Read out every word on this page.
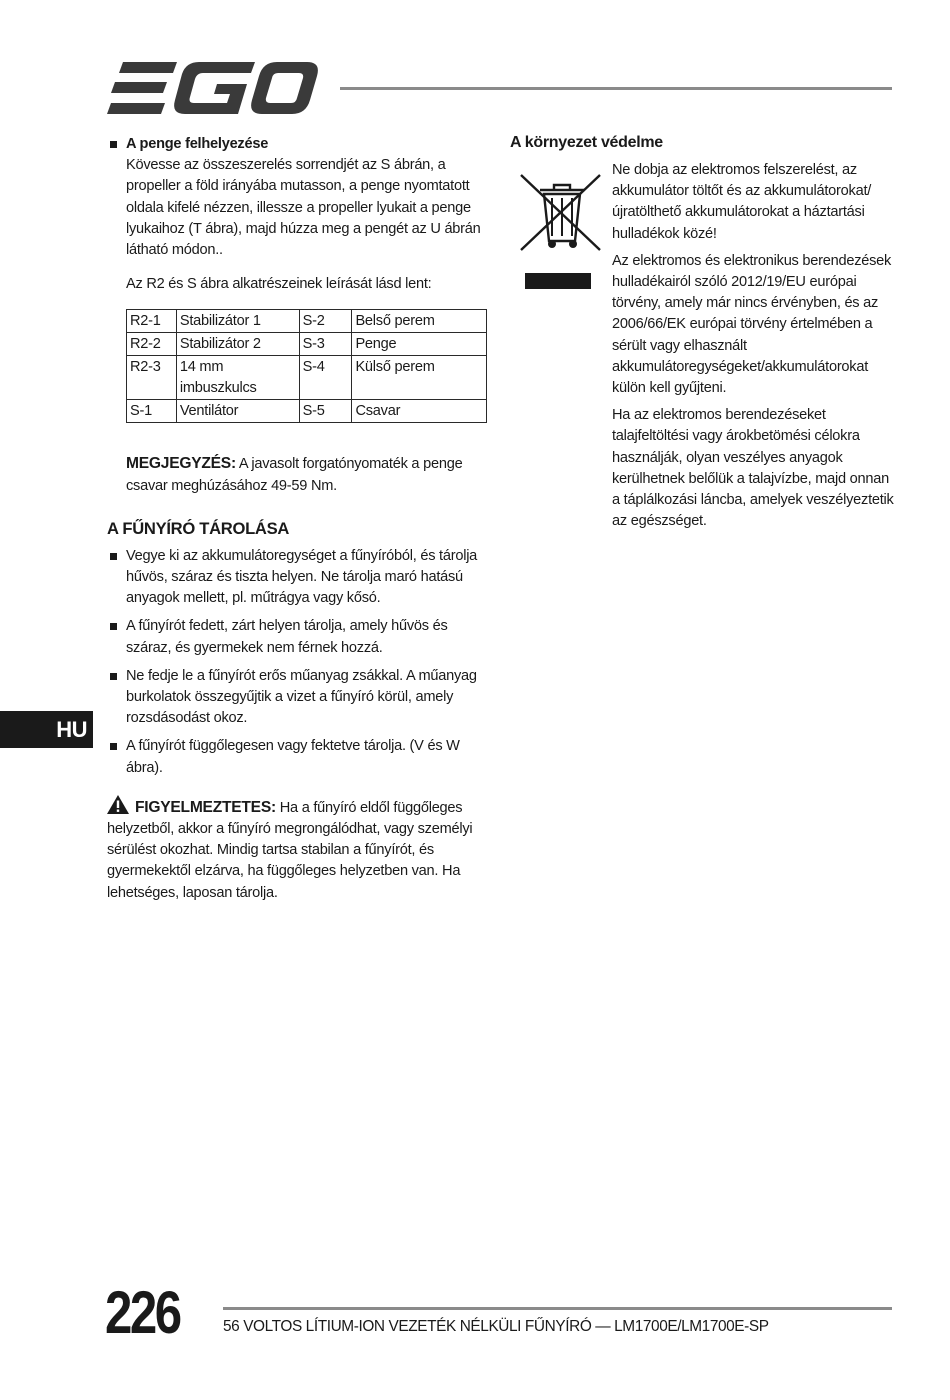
A penge felhelyezése
Kövesse az összeszerelés sorrendjét az S ábrán, a propeller a föld irányába mutasson, a penge nyomtatott oldala kifelé nézzen, illessze a propeller lyukait a penge lyukaihoz (T ábra), majd húzza meg a pengét az U ábrán látható módon..
Az R2 és S ábra alkatrészeinek leírását lásd lent:
R2-1	Stabilizátor 1	S-2	Belső perem
R2-2	Stabilizátor 2	S-3	Penge
R2-3	14 mm imbuszkulcs	S-4	Külső perem
S-1	Ventilátor	S-5	Csavar
MEGJEGYZÉS: A javasolt forgatónyomaték a penge csavar meghúzásához 49-59 Nm.
A FŰNYÍRÓ TÁROLÁSA
Vegye ki az akkumulátoregységet a fűnyíróból, és tárolja hűvös, száraz és tiszta helyen. Ne tárolja maró hatású anyagok mellett, pl. műtrágya vagy kősó.
A fűnyírót fedett, zárt helyen tárolja, amely hűvös és száraz, és gyermekek nem férnek hozzá.
Ne fedje le a fűnyírót erős műanyag zsákkal. A műanyag burkolatok összegyűjtik a vizet a fűnyíró körül, amely rozsdásodást okoz.
A fűnyírót függőlegesen vagy fektetve tárolja. (V és W ábra).
FIGYELMEZTETES: Ha a fűnyíró eldől függőleges helyzetből, akkor a fűnyíró megrongálódhat, vagy személyi sérülést okozhat. Mindig tartsa stabilan a fűnyírót, és gyermekektől elzárva, ha függőleges helyzetben van. Ha lehetséges, laposan tárolja.
A környezet védelme

Ne dobja az elektromos felszerelést, az akkumulátor töltőt és az akkumulátorokat/újratölthető akkumulátorokat a háztartási hulladékok közé!

Az elektromos és elektronikus berendezések hulladékairól szóló 2012/19/EU európai törvény, amely már nincs érvényben, és az 2006/66/EK európai törvény értelmében a sérült vagy elhasznált akkumulátoregységeket/akkumulátorokat külön kell gyűjteni.

Ha az elektromos berendezéseket talajfeltöltési vagy árokbetömési célokra használják, olyan veszélyes anyagok kerülhetnek belőlük a talajvízbe, majd onnan a táplálkozási láncba, amelyek veszélyeztetik az egészséget.

HU
226	56 VOLTOS LÍTIUM-ION VEZETÉK NÉLKÜLI FŰNYÍRÓ — LM1700E/LM1700E-SP
